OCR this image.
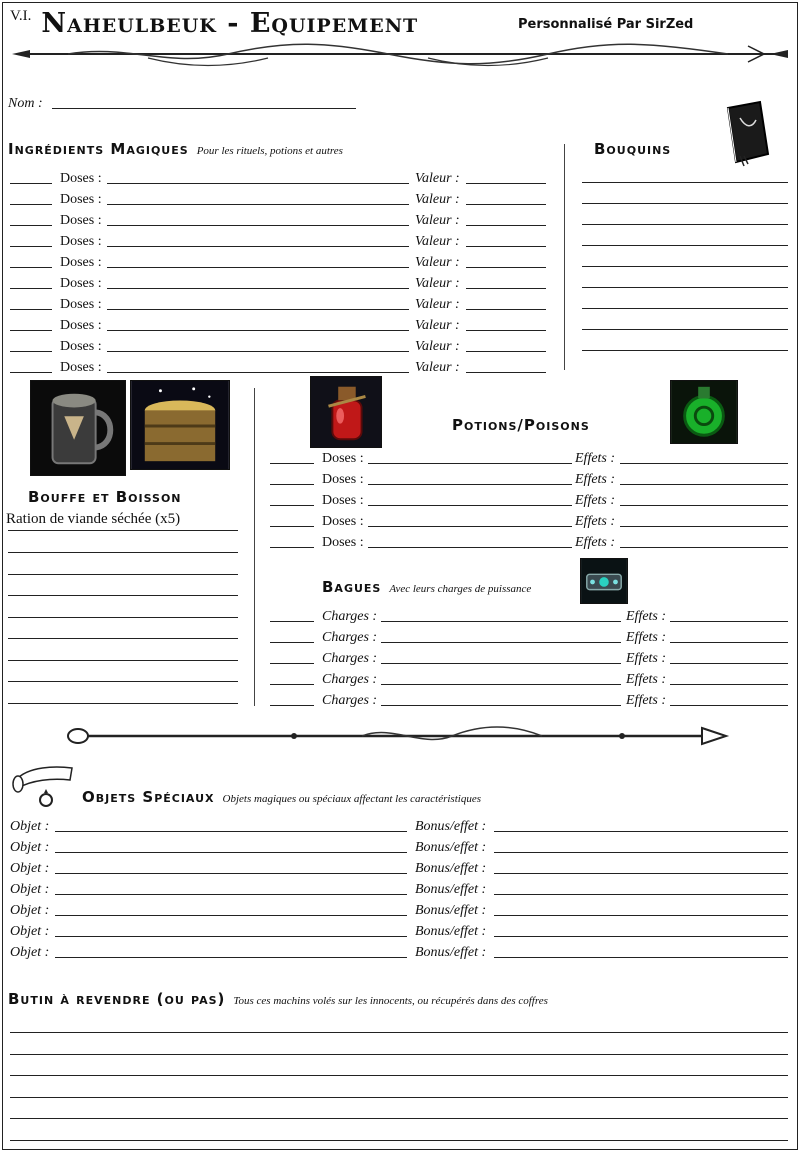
V.I. Naheulbeuk - Equipement	Personnalisé Par SirZed
Nom :
Ingrédients Magiques Pour les rituels, potions et autres
Doses :	Valeur :
Doses :	Valeur :
Doses :	Valeur :
Doses :	Valeur :
Doses :	Valeur :
Doses :	Valeur :
Doses :	Valeur :
Doses :	Valeur :
Doses :	Valeur :
Doses :	Valeur :
Bouquins
Bouffe et Boisson
Ration de viande séchée (x5)
Potions/Poisons
Doses :	Effets :
Doses :	Effets :
Doses :	Effets :
Doses :	Effets :
Doses :	Effets :
Bagues Avec leurs charges de puissance
Charges :	Effets :
Charges :	Effets :
Charges :	Effets :
Charges :	Effets :
Charges :	Effets :
Objets Spéciaux Objets magiques ou spéciaux affectant les caractéristiques
Objet :	Bonus/effet :
Objet :	Bonus/effet :
Objet :	Bonus/effet :
Objet :	Bonus/effet :
Objet :	Bonus/effet :
Objet :	Bonus/effet :
Objet :	Bonus/effet :
Butin à revendre (ou pas) Tous ces machins volés sur les innocents, ou récupérés dans des coffres
